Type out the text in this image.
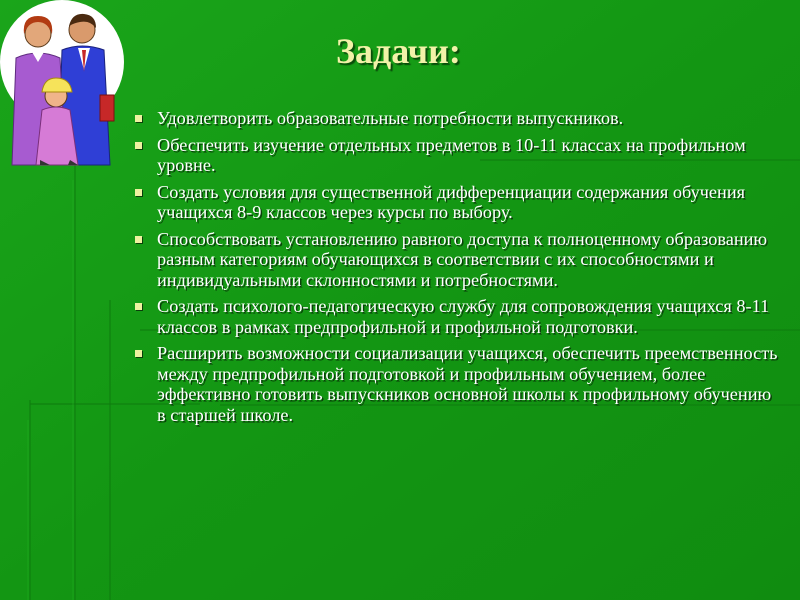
Задачи:
Удовлетворить образовательные потребности выпускников.
Обеспечить изучение отдельных предметов в 10-11 классах на профильном уровне.
Создать условия для существенной дифференциации содержания обучения учащихся 8-9 классов через курсы по выбору.
Способствовать установлению равного доступа к полноценному образованию разным категориям обучающихся в соответствии с их способностями и индивидуальными склонностями и потребностями.
Создать психолого-педагогическую службу для сопровождения учащихся 8-11 классов в рамках предпрофильной и профильной подготовки.
Расширить возможности социализации учащихся, обеспечить преемственность между предпрофильной подготовкой и профильным обучением, более эффективно готовить выпускников основной школы к профильному обучению в старшей школе.
